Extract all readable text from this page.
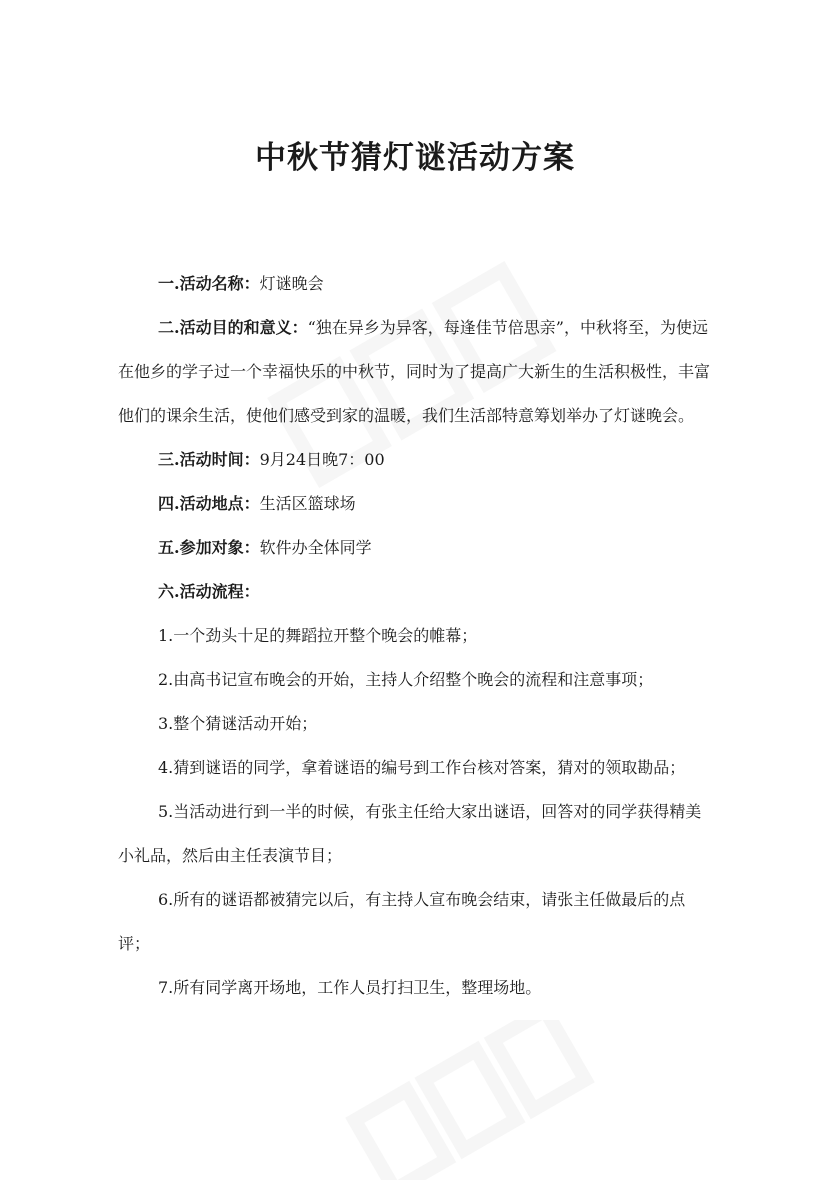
中秋节猜灯谜活动方案

一.活动名称：灯谜晚会

二.活动目的和意义：“独在异乡为异客，每逢佳节倍思亲”，中秋将至，为使远在他乡的学子过一个幸福快乐的中秋节，同时为了提高广大新生的生活积极性，丰富他们的课余生活，使他们感受到家的温暖，我们生活部特意筹划举办了灯谜晚会。

三.活动时间：9月24日晚7：00

四.活动地点：生活区篮球场

五.参加对象：软件办全体同学

六.活动流程：

1.一个劲头十足的舞蹈拉开整个晚会的帷幕；

2.由高书记宣布晚会的开始，主持人介绍整个晚会的流程和注意事项；

3.整个猜谜活动开始；

4.猜到谜语的同学，拿着谜语的编号到工作台核对答案，猜对的领取勘品；

5.当活动进行到一半的时候，有张主任给大家出谜语，回答对的同学获得精美小礼品，然后由主任表演节目；

6.所有的谜语都被猜完以后，有主持人宣布晚会结束，请张主任做最后的点评；

7.所有同学离开场地，工作人员打扫卫生，整理场地。
